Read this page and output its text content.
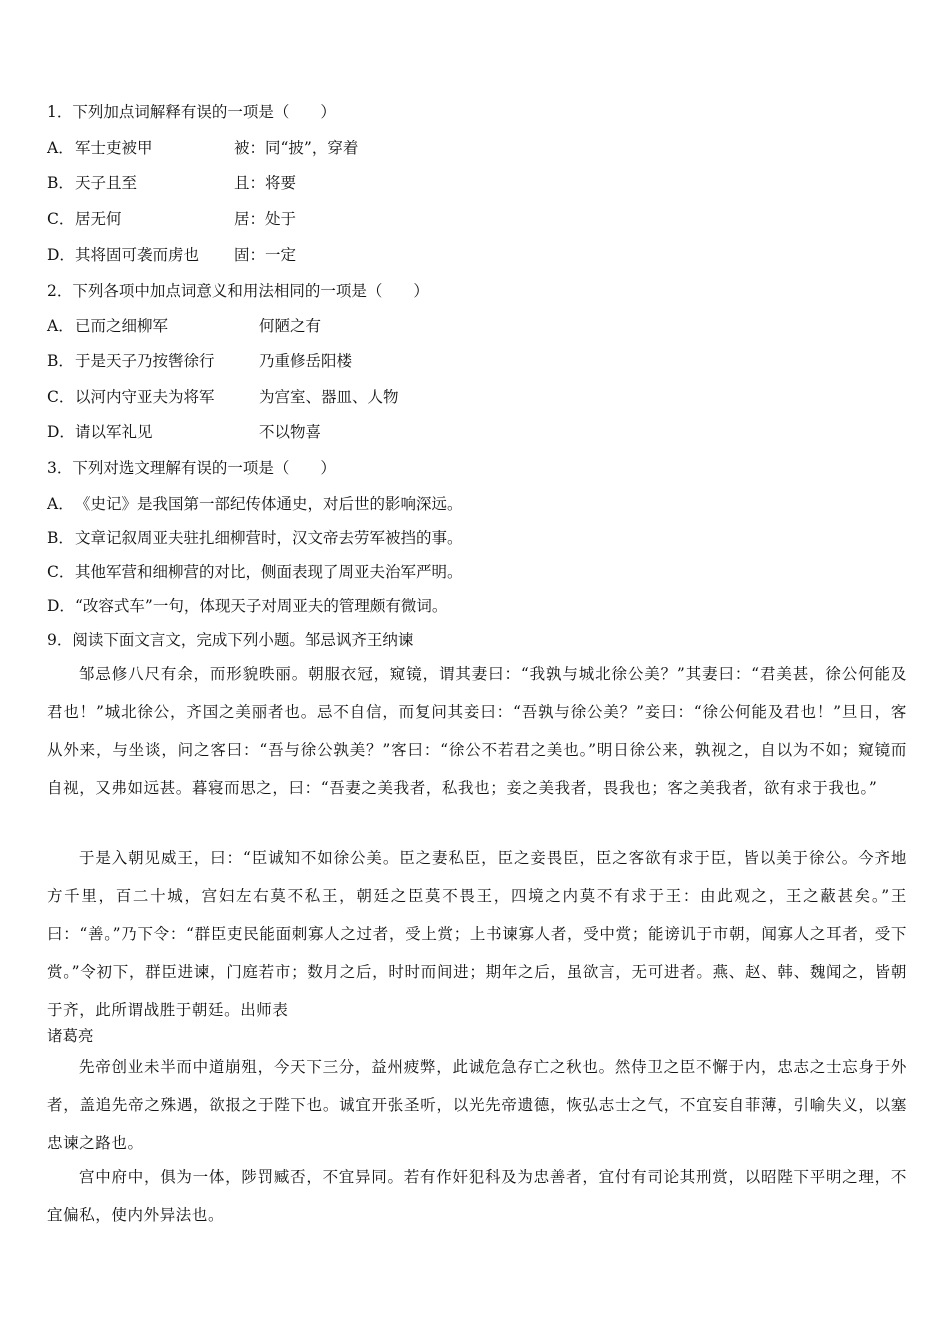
1．下列加点词解释有误的一项是（　　）
A．军士吏被甲	被：同“披”，穿着
B．天子且至	且：将要
C．居无何	居：处于
D．其将固可袭而虏也 固：一定
2．下列各项中加点词意义和用法相同的一项是（　　）
A．已而之细柳军	何陋之有
B．于是天子乃按辔徐行	乃重修岳阳楼
C．以河内守亚夫为将军	为宫室、器皿、人物
D．请以军礼见	不以物喜
3．下列对选文理解有误的一项是（　　）
A．《史记》是我国第一部纪传体通史，对后世的影响深远。
B．文章记叙周亚夫驻扎细柳营时，汉文帝去劳军被挡的事。
C．其他军营和细柳营的对比，侧面表现了周亚夫治军严明。
D．“改容式车”一句，体现天子对周亚夫的管理颇有微词。
9．阅读下面文言文，完成下列小题。邹忌讽齐王纳谏
邹忌修八尺有余，而形貌昳丽。朝服衣冠，窥镜，谓其妻曰：“我孰与城北徐公美？”其妻曰：“君美甚，徐公何能及君也！”城北徐公，齐国之美丽者也。忌不自信，而复问其妾曰：“吾孰与徐公美？”妾曰：“徐公何能及君也！”旦日，客从外来，与坐谈，问之客曰：“吾与徐公孰美？”客曰：“徐公不若君之美也。”明日徐公来，孰视之，自以为不如；窥镜而自视，又弗如远甚。暮寝而思之，曰：“吾妻之美我者，私我也；妾之美我者，畏我也；客之美我者，欲有求于我也。”
于是入朝见威王，曰：“臣诚知不如徐公美。臣之妻私臣，臣之妾畏臣，臣之客欲有求于臣，皆以美于徐公。今齐地方千里，百二十城，宫妇左右莫不私王，朝廷之臣莫不畏王，四境之内莫不有求于王：由此观之，王之蔽甚矣。”王曰：“善。”乃下令：“群臣吏民能面刺寡人之过者，受上赏；上书谏寡人者，受中赏；能谤讥于市朝，闻寡人之耳者，受下赏。”令初下，群臣进谏，门庭若市；数月之后，时时而间进；期年之后，虽欲言，无可进者。燕、赵、韩、魏闻之，皆朝于齐，此所谓战胜于朝廷。出师表
诸葛亮
先帝创业未半而中道崩殂，今天下三分，益州疲弊，此诚危急存亡之秋也。然侍卫之臣不懈于内，忠志之士忘身于外者，盖追先帝之殊遇，欲报之于陛下也。诚宜开张圣听，以光先帝遗德，恢弘志士之气，不宜妄自菲薄，引喻失义，以塞忠谏之路也。
宫中府中，俱为一体，陟罚臧否，不宜异同。若有作奸犯科及为忠善者，宜付有司论其刑赏，以昭陛下平明之理，不宜偏私，使内外异法也。
